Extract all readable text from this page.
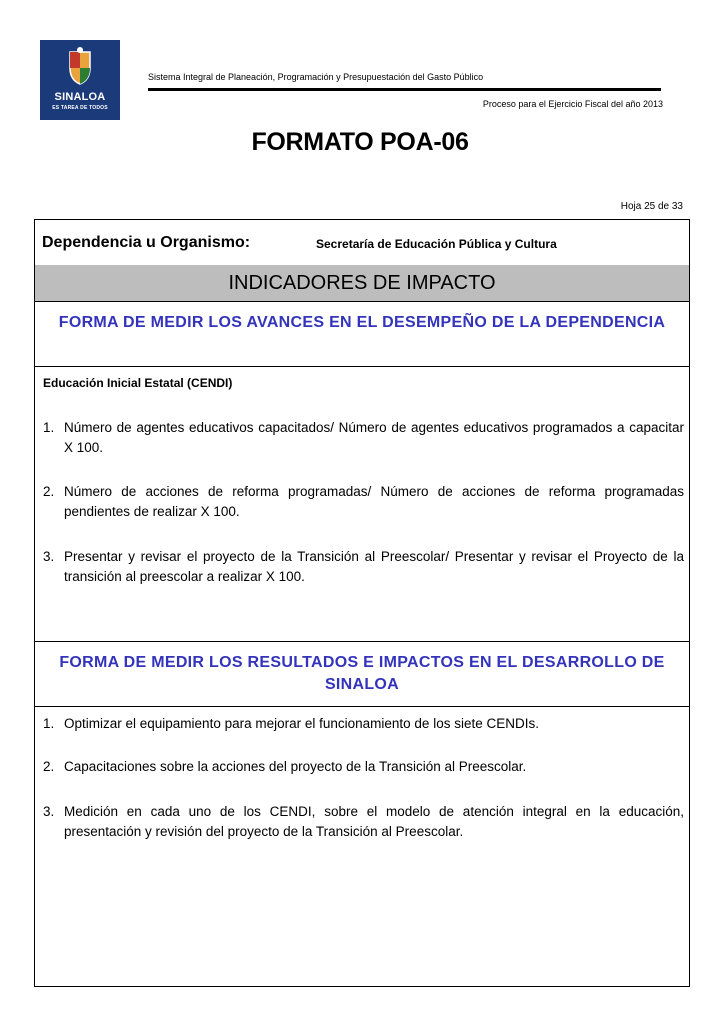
SINALOA
ES TAREA DE TODOS
Sistema Integral de Planeación, Programación y Presupuestación del Gasto Público
Proceso para el Ejercicio Fiscal del año 2013
FORMATO POA-06
Hoja 25 de 33
Dependencia u Organismo:	Secretaría de Educación Pública y Cultura
INDICADORES DE IMPACTO
FORMA DE MEDIR LOS AVANCES EN EL DESEMPEÑO DE LA DEPENDENCIA
Educación Inicial Estatal (CENDI)
1. Número de agentes educativos capacitados/ Número de agentes educativos programados a capacitar X 100.
2. Número de acciones de reforma programadas/ Número de acciones de reforma programadas pendientes de realizar X 100.
3. Presentar y revisar el proyecto de la Transición al Preescolar/ Presentar y revisar el Proyecto de la transición al preescolar a realizar X 100.
FORMA DE MEDIR LOS RESULTADOS E IMPACTOS EN EL DESARROLLO DE SINALOA
1. Optimizar el equipamiento para mejorar el funcionamiento de los siete CENDIs.
2. Capacitaciones sobre la acciones del proyecto de la Transición al Preescolar.
3. Medición en cada uno de los CENDI, sobre el modelo de atención integral en la educación, presentación y revisión del proyecto de la Transición al Preescolar.
